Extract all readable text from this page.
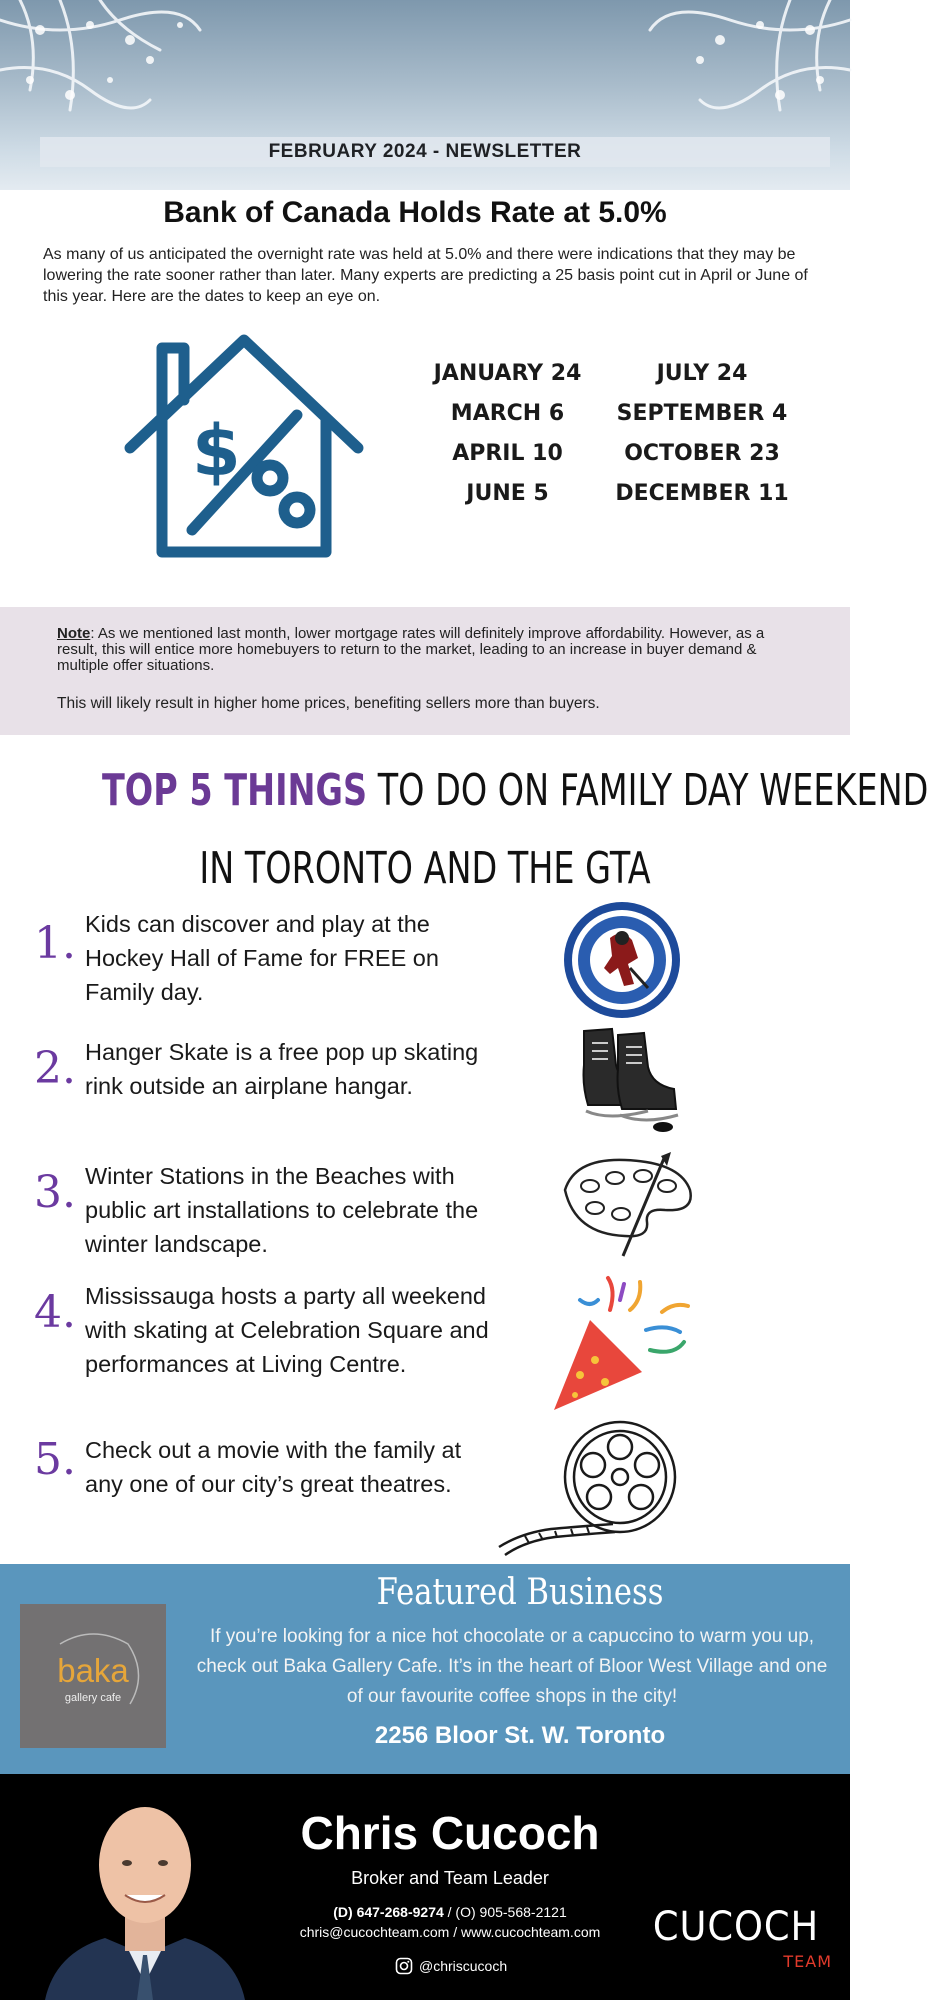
FEBRUARY 2024 - NEWSLETTER
Bank of Canada Holds Rate at 5.0%
As many of us anticipated the overnight rate was held at 5.0% and there were indications that they may be lowering the rate sooner rather than later. Many experts are predicting a 25 basis point cut in April or June of this year. Here are the dates to keep an eye on.
$
JANUARY 24
MARCH 6
APRIL 10
JUNE 5
JULY 24
SEPTEMBER 4
OCTOBER 23
DECEMBER 11
Note: As we mentioned last month, lower mortgage rates will definitely improve affordability. However, as a result, this will entice more homebuyers to return to the market, leading to an increase in buyer demand & multiple offer situations.
This will likely result in higher home prices, benefiting sellers more than buyers.
TOP 5 THINGS TO DO ON FAMILY DAY WEEKEND
IN TORONTO AND THE GTA
1. Kids can discover and play at the Hockey Hall of Fame for FREE on Family day.
2. Hanger Skate is a free pop up skating rink outside an airplane hangar.
3. Winter Stations in the Beaches with public art installations to celebrate the winter landscape.
4. Mississauga hosts a party all weekend with skating at Celebration Square and performances at Living Centre.
5. Check out a movie with the family at any one of our city’s great theatres.
baka
gallery cafe
Featured Business
If you’re looking for a nice hot chocolate or a capuccino to warm you up, check out Baka Gallery Cafe. It’s in the heart of Bloor West Village and one of our favourite coffee shops in the city!
2256 Bloor St. W. Toronto
Chris Cucoch
Broker and Team Leader
(D) 647-268-9274 / (O) 905-568-2121
chris@cucochteam.com / www.cucochteam.com
@chriscucoch
CUCOCH
TEAM
